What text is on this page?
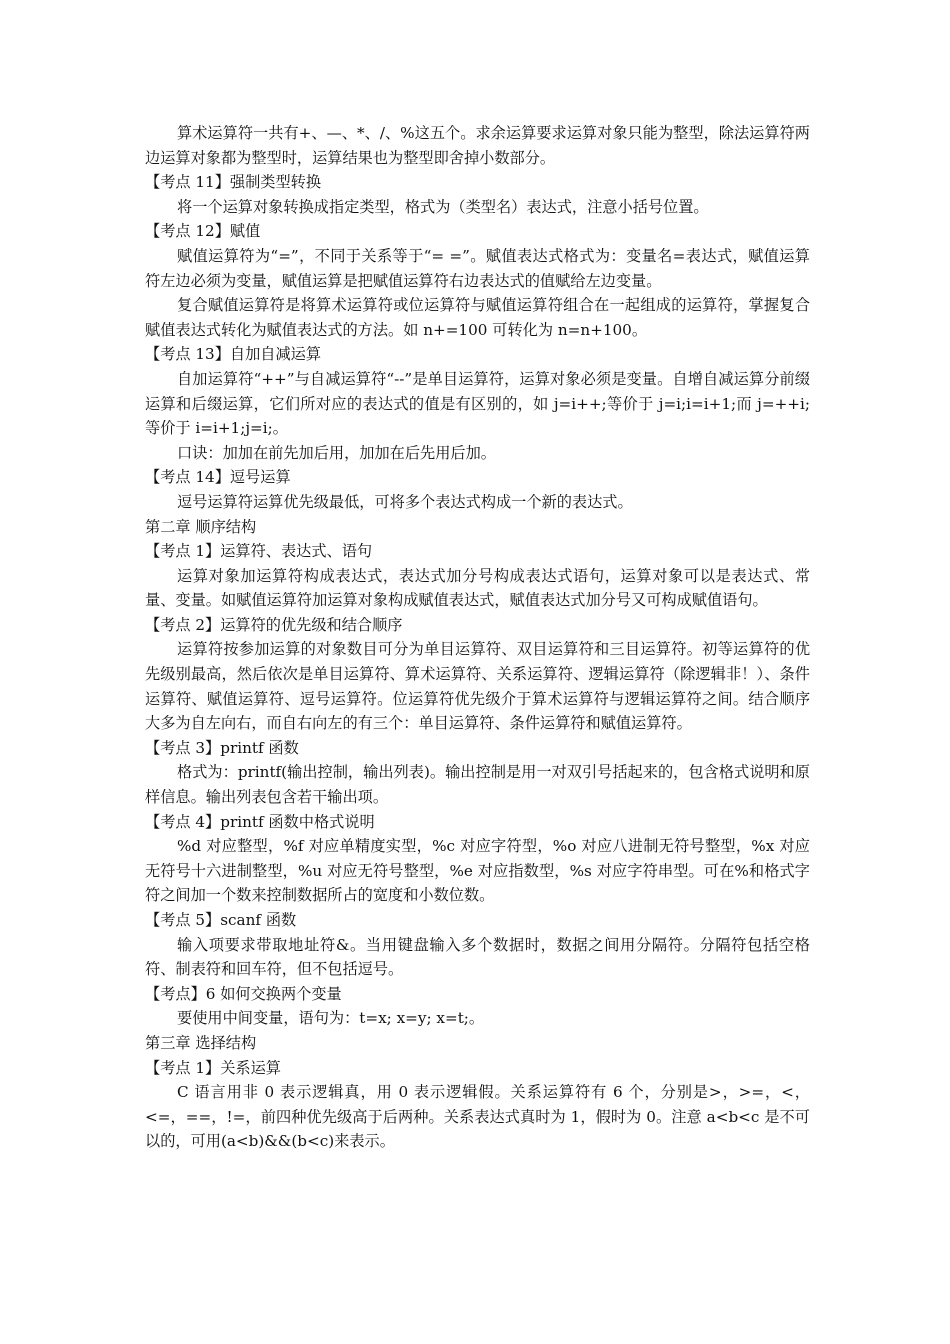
算术运算符一共有+、—、*、/、%这五个。求余运算要求运算对象只能为整型，除法运算符两边运算对象都为整型时，运算结果也为整型即舍掉小数部分。

【考点 11】强制类型转换

将一个运算对象转换成指定类型，格式为（类型名）表达式，注意小括号位置。

【考点 12】赋值

赋值运算符为“=”，不同于关系等于“= =”。赋值表达式格式为：变量名=表达式，赋值运算符左边必须为变量，赋值运算是把赋值运算符右边表达式的值赋给左边变量。

复合赋值运算符是将算术运算符或位运算符与赋值运算符组合在一起组成的运算符，掌握复合赋值表达式转化为赋值表达式的方法。如 n+=100 可转化为 n=n+100。

【考点 13】自加自减运算

自加运算符“++”与自减运算符“--”是单目运算符，运算对象必须是变量。自增自减运算分前缀运算和后缀运算，它们所对应的表达式的值是有区别的，如 j=i++;等价于 j=i;i=i+1;而 j=++i;等价于 i=i+1;j=i;。

口诀：加加在前先加后用，加加在后先用后加。

【考点 14】逗号运算

逗号运算符运算优先级最低，可将多个表达式构成一个新的表达式。

第二章 顺序结构

【考点 1】运算符、表达式、语句

运算对象加运算符构成表达式，表达式加分号构成表达式语句，运算对象可以是表达式、常量、变量。如赋值运算符加运算对象构成赋值表达式，赋值表达式加分号又可构成赋值语句。

【考点 2】运算符的优先级和结合顺序

运算符按参加运算的对象数目可分为单目运算符、双目运算符和三目运算符。初等运算符的优先级别最高，然后依次是单目运算符、算术运算符、关系运算符、逻辑运算符（除逻辑非！）、条件运算符、赋值运算符、逗号运算符。位运算符优先级介于算术运算符与逻辑运算符之间。结合顺序大多为自左向右，而自右向左的有三个：单目运算符、条件运算符和赋值运算符。

【考点 3】printf 函数

格式为：printf(输出控制，输出列表)。输出控制是用一对双引号括起来的，包含格式说明和原样信息。输出列表包含若干输出项。

【考点 4】printf 函数中格式说明

%d 对应整型，%f 对应单精度实型，%c 对应字符型，%o 对应八进制无符号整型，%x 对应无符号十六进制整型，%u 对应无符号整型，%e 对应指数型，%s 对应字符串型。可在%和格式字符之间加一个数来控制数据所占的宽度和小数位数。

【考点 5】scanf 函数

输入项要求带取地址符&。当用键盘输入多个数据时，数据之间用分隔符。分隔符包括空格符、制表符和回车符，但不包括逗号。

【考点】6 如何交换两个变量

要使用中间变量，语句为：t=x; x=y; x=t;。

第三章 选择结构

【考点 1】关系运算

C 语言用非 0 表示逻辑真，用 0 表示逻辑假。关系运算符有 6 个，分别是>，>=，<，<=，==，!=，前四种优先级高于后两种。关系表达式真时为 1，假时为 0。注意 a<b<c 是不可以的，可用(a<b)&&(b<c)来表示。
